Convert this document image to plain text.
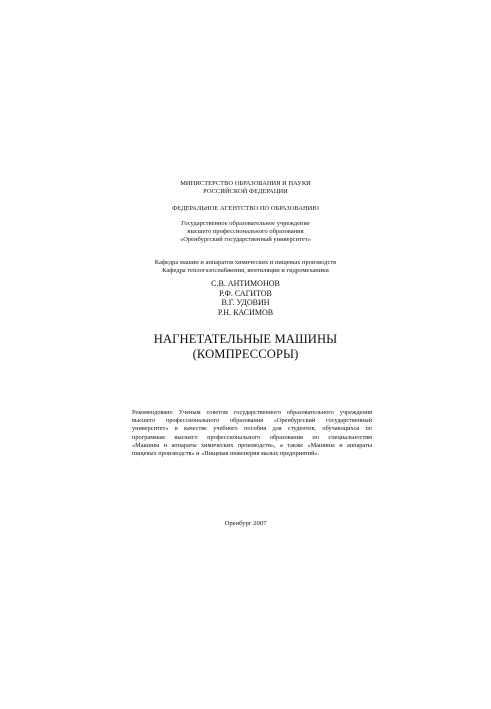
МИНИСТЕРСТВО ОБРАЗОВАНИЯ И НАУКИ
РОССИЙСКОЙ ФЕДЕРАЦИИ
ФЕДЕРАЛЬНОЕ АГЕНТСТВО ПО ОБРАЗОВАНИЮ
Государственное образовательное учреждение
высшего профессионального образования
«Оренбургский государственный университет»
Кафедра машин и аппаратов химических и пищевых производств
Кафедра теплогазоснабжения, вентиляции и гидромеханики
С.В. АНТИМОНОВ
Р.Ф. САГИТОВ
В.Г. УДОВИН
Р.Н. КАСИМОВ
НАГНЕТАТЕЛЬНЫЕ МАШИНЫ
(КОМПРЕССОРЫ)
Рекомендовано Ученым советом государственного образовательного учреждения
высшего профессионального образования «Оренбургский государственный
университет» в качестве учебного пособия для студентов, обучающихся по
программам высшего профессионального образования по специальностям
«Машины и аппараты химических производств», а также «Машины и аппараты
пищевых производств» и «Пищевая инженерия малых предприятий».
Оренбург 2007
